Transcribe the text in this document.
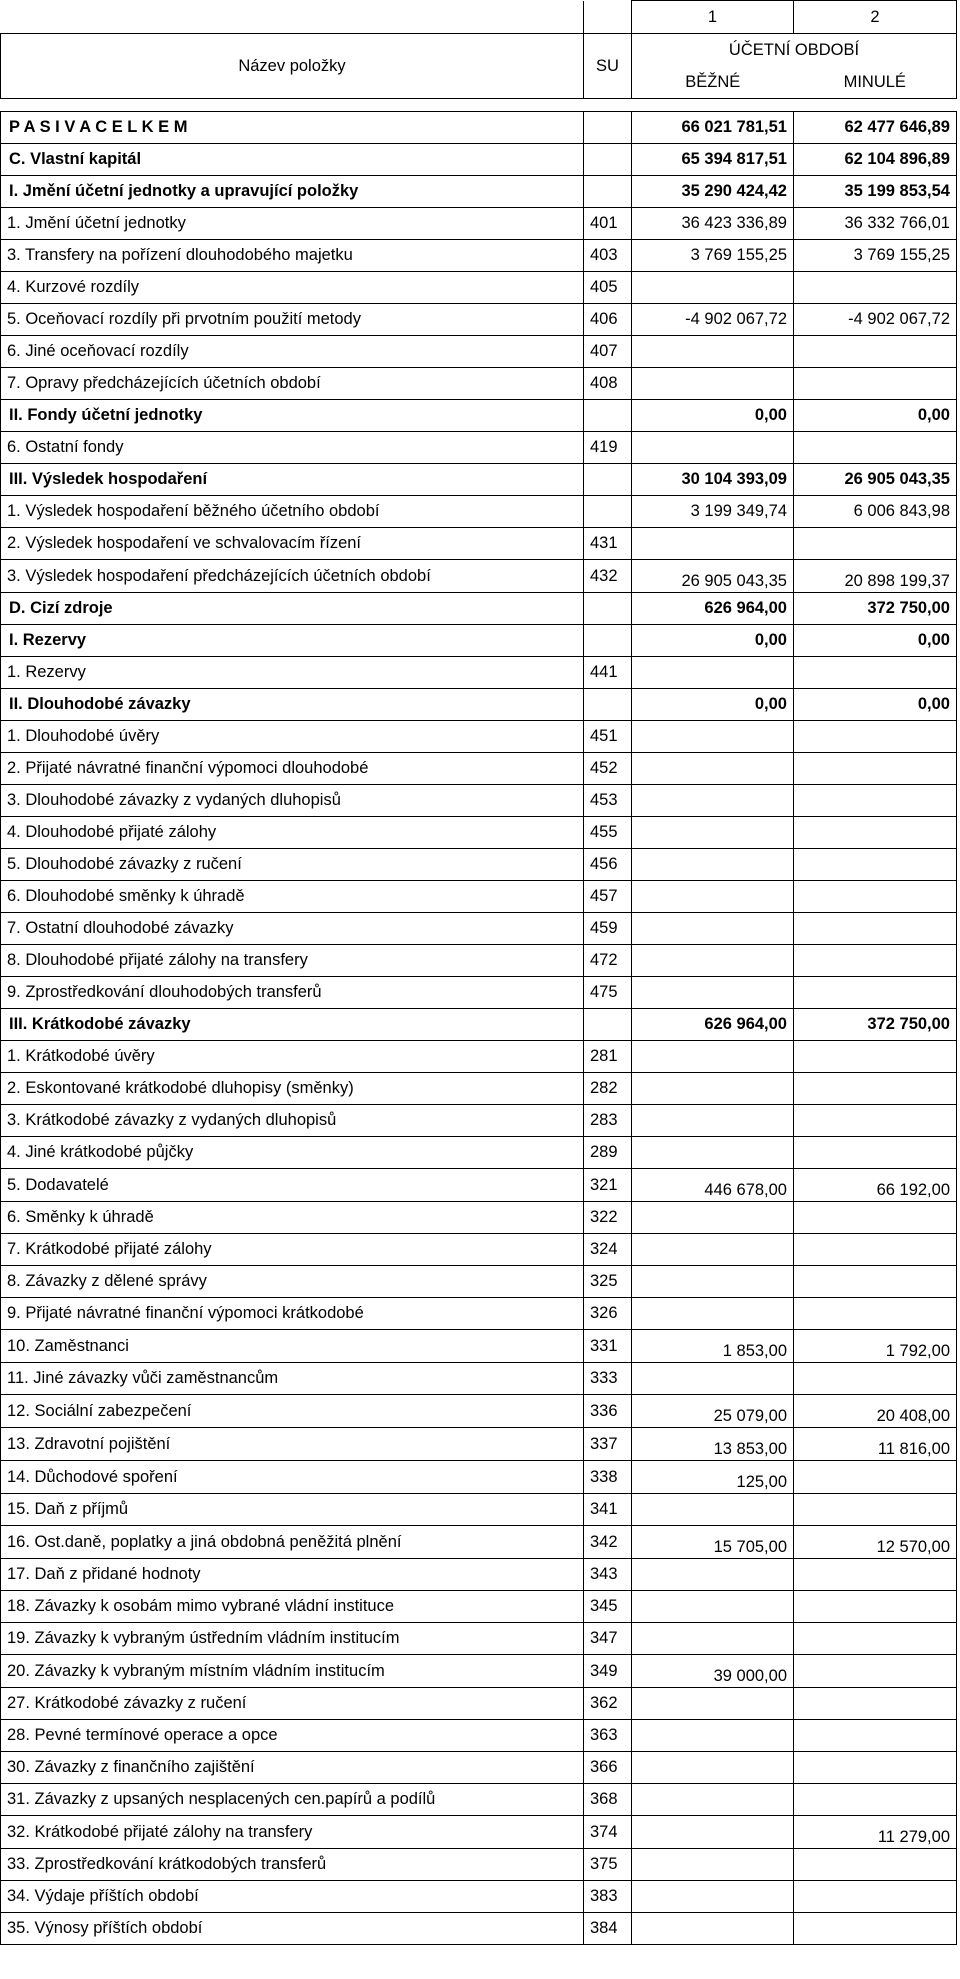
		1	2
Název položky	SU	ÚČETNÍ OBDOBÍ	
		BĚŽNÉ	MINULÉ

P A S I V A C E L K E M		66 021 781,51	62 477 646,89
C. Vlastní kapitál		65 394 817,51	62 104 896,89
I. Jmění účetní jednotky a upravující položky		35 290 424,42	35 199 853,54
1. Jmění účetní jednotky	401	36 423 336,89	36 332 766,01
3. Transfery na pořízení dlouhodobého majetku	403	3 769 155,25	3 769 155,25
4. Kurzové rozdíly	405		
5. Oceňovací rozdíly při prvotním použití metody	406	-4 902 067,72	-4 902 067,72
6. Jiné oceňovací rozdíly	407		
7. Opravy předcházejících účetních období	408		
II. Fondy účetní jednotky		0,00	0,00
6. Ostatní fondy	419		
III. Výsledek hospodaření		30 104 393,09	26 905 043,35
1. Výsledek hospodaření běžného účetního období		3 199 349,74	6 006 843,98
2. Výsledek hospodaření ve schvalovacím řízení	431		
3. Výsledek hospodaření předcházejících účetních období	432	26 905 043,35	20 898 199,37
D. Cizí zdroje		626 964,00	372 750,00
I. Rezervy		0,00	0,00
1. Rezervy	441		
II. Dlouhodobé závazky		0,00	0,00
1. Dlouhodobé úvěry	451		
2. Přijaté návratné finanční výpomoci dlouhodobé	452		
3. Dlouhodobé závazky z vydaných dluhopisů	453		
4. Dlouhodobé přijaté zálohy	455		
5. Dlouhodobé závazky z ručení	456		
6. Dlouhodobé směnky k úhradě	457		
7. Ostatní dlouhodobé závazky	459		
8. Dlouhodobé přijaté zálohy na transfery	472		
9. Zprostředkování dlouhodobých transferů	475		
III. Krátkodobé závazky		626 964,00	372 750,00
1. Krátkodobé úvěry	281		
2. Eskontované krátkodobé dluhopisy (směnky)	282		
3. Krátkodobé závazky z vydaných dluhopisů	283		
4. Jiné krátkodobé půjčky	289		
5. Dodavatelé	321	446 678,00	66 192,00
6. Směnky k úhradě	322		
7. Krátkodobé přijaté zálohy	324		
8. Závazky z dělené správy	325		
9. Přijaté návratné finanční výpomoci krátkodobé	326		
10. Zaměstnanci	331	1 853,00	1 792,00
11. Jiné závazky vůči zaměstnancům	333		
12. Sociální zabezpečení	336	25 079,00	20 408,00
13. Zdravotní pojištění	337	13 853,00	11 816,00
14. Důchodové spoření	338	125,00	
15. Daň z příjmů	341		
16. Ost.daně, poplatky a jiná obdobná peněžitá plnění	342	15 705,00	12 570,00
17. Daň z přidané hodnoty	343		
18. Závazky k osobám mimo vybrané vládní instituce	345		
19. Závazky k vybraným ústředním vládním institucím	347		
20. Závazky k vybraným místním vládním institucím	349	39 000,00	
27. Krátkodobé závazky z ručení	362		
28. Pevné termínové operace a opce	363		
30. Závazky z finančního zajištění	366		
31. Závazky z upsaných nesplacených cen.papírů a podílů	368		
32. Krátkodobé přijaté zálohy na transfery	374		11 279,00
33. Zprostředkování krátkodobých transferů	375		
34. Výdaje příštích období	383		
35. Výnosy příštích období	384		
